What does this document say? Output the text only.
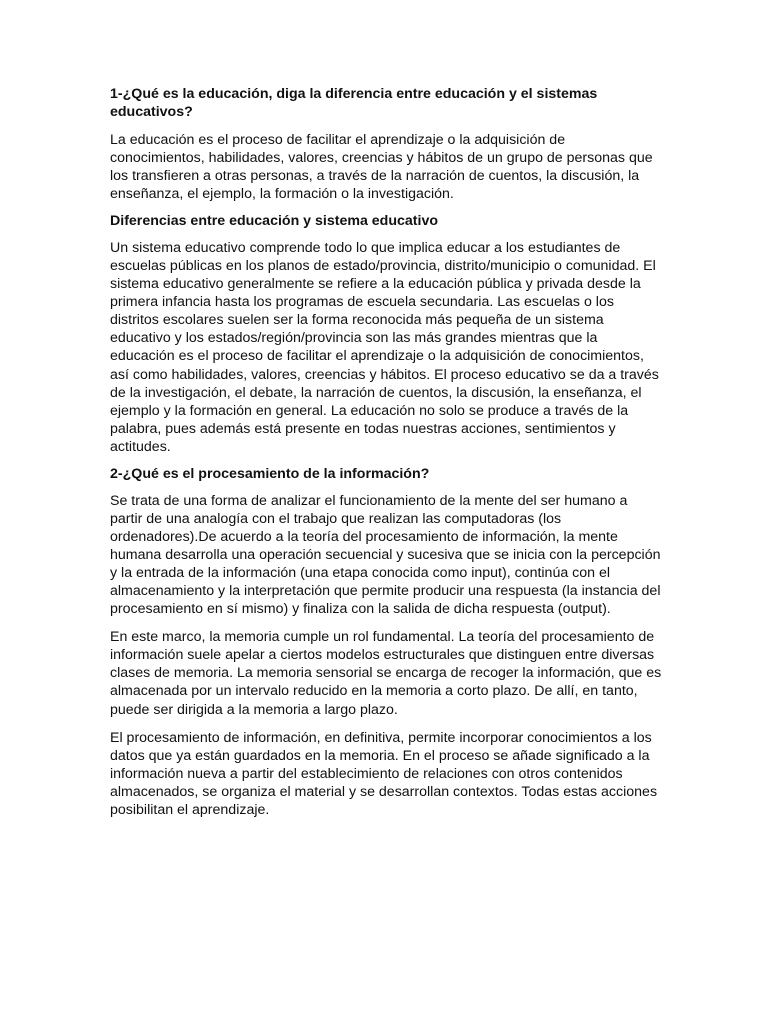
1-¿Qué es la educación, diga la diferencia entre educación y el sistemas educativos?
La educación es el proceso de facilitar el aprendizaje o la adquisición de conocimientos, habilidades, valores, creencias y hábitos de un grupo de personas que los transfieren a otras personas, a través de la narración de cuentos, la discusión, la enseñanza, el ejemplo, la formación o la investigación.
Diferencias entre educación y sistema educativo
Un sistema educativo comprende todo lo que implica educar a los estudiantes de escuelas públicas en los planos de estado/provincia, distrito/municipio o comunidad. El sistema educativo generalmente se refiere a la educación pública y privada desde la primera infancia hasta los programas de escuela secundaria. Las escuelas o los distritos escolares suelen ser la forma reconocida más pequeña de un sistema educativo y los estados/región/provincia son las más grandes mientras que la educación es el proceso de facilitar el aprendizaje o la adquisición de conocimientos, así como habilidades, valores, creencias y hábitos. El proceso educativo se da a través de la investigación, el debate, la narración de cuentos, la discusión, la enseñanza, el ejemplo y la formación en general. La educación no solo se produce a través de la palabra, pues además está presente en todas nuestras acciones, sentimientos y actitudes.
2-¿Qué es el procesamiento de la información?
Se trata de una forma de analizar el funcionamiento de la mente del ser humano a partir de una analogía con el trabajo que realizan las computadoras (los ordenadores).De acuerdo a la teoría del procesamiento de información, la mente humana desarrolla una operación secuencial y sucesiva que se inicia con la percepción y la entrada de la información (una etapa conocida como input), continúa con el almacenamiento y la interpretación que permite producir una respuesta (la instancia del procesamiento en sí mismo) y finaliza con la salida de dicha respuesta (output).
En este marco, la memoria cumple un rol fundamental. La teoría del procesamiento de información suele apelar a ciertos modelos estructurales que distinguen entre diversas clases de memoria. La memoria sensorial se encarga de recoger la información, que es almacenada por un intervalo reducido en la memoria a corto plazo. De allí, en tanto, puede ser dirigida a la memoria a largo plazo.
El procesamiento de información, en definitiva, permite incorporar conocimientos a los datos que ya están guardados en la memoria. En el proceso se añade significado a la información nueva a partir del establecimiento de relaciones con otros contenidos almacenados, se organiza el material y se desarrollan contextos. Todas estas acciones posibilitan el aprendizaje.
